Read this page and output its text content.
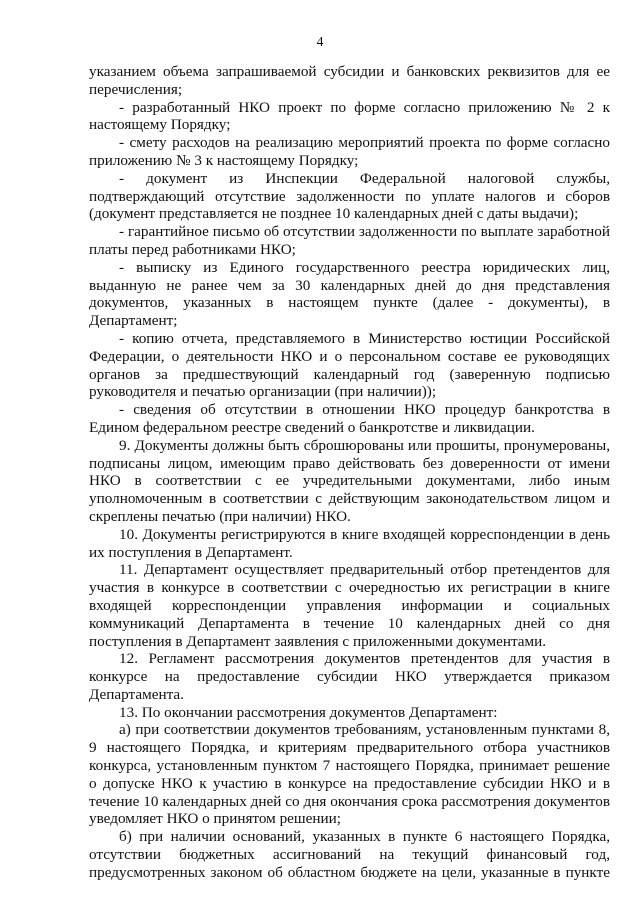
4

указанием объема запрашиваемой субсидии и банковских реквизитов для ее перечисления;

- разработанный НКО проект по форме согласно приложению № 2 к настоящему Порядку;

- смету расходов на реализацию мероприятий проекта по форме согласно приложению № 3 к настоящему Порядку;

- документ из Инспекции Федеральной налоговой службы, подтверждающий отсутствие задолженности по уплате налогов и сборов (документ представляется не позднее 10 календарных дней с даты выдачи);

- гарантийное письмо об отсутствии задолженности по выплате заработной платы перед работниками НКО;

- выписку из Единого государственного реестра юридических лиц, выданную не ранее чем за 30 календарных дней до дня представления документов, указанных в настоящем пункте (далее - документы), в Департамент;

- копию отчета, представляемого в Министерство юстиции Российской Федерации, о деятельности НКО и о персональном составе ее руководящих органов за предшествующий календарный год (заверенную подписью руководителя и печатью организации (при наличии));

- сведения об отсутствии в отношении НКО процедур банкротства в Едином федеральном реестре сведений о банкротстве и ликвидации.

9. Документы должны быть сброшюрованы или прошиты, пронумерованы, подписаны лицом, имеющим право действовать без доверенности от имени НКО в соответствии с ее учредительными документами, либо иным уполномоченным в соответствии с действующим законодательством лицом и скреплены печатью (при наличии) НКО.

10. Документы регистрируются в книге входящей корреспонденции в день их поступления в Департамент.

11. Департамент осуществляет предварительный отбор претендентов для участия в конкурсе в соответствии с очередностью их регистрации в книге входящей корреспонденции управления информации и социальных коммуникаций Департамента в течение 10 календарных дней со дня поступления в Департамент заявления с приложенными документами.

12. Регламент рассмотрения документов претендентов для участия в конкурсе на предоставление субсидии НКО утверждается приказом Департамента.

13. По окончании рассмотрения документов Департамент:

а) при соответствии документов требованиям, установленным пунктами 8, 9 настоящего Порядка, и критериям предварительного отбора участников конкурса, установленным пунктом 7 настоящего Порядка, принимает решение о допуске НКО к участию в конкурсе на предоставление субсидии НКО и в течение 10 календарных дней со дня окончания срока рассмотрения документов уведомляет НКО о принятом решении;

б) при наличии оснований, указанных в пункте 6 настоящего Порядка, отсутствии бюджетных ассигнований на текущий финансовый год, предусмотренных законом об областном бюджете на цели, указанные в пункте
